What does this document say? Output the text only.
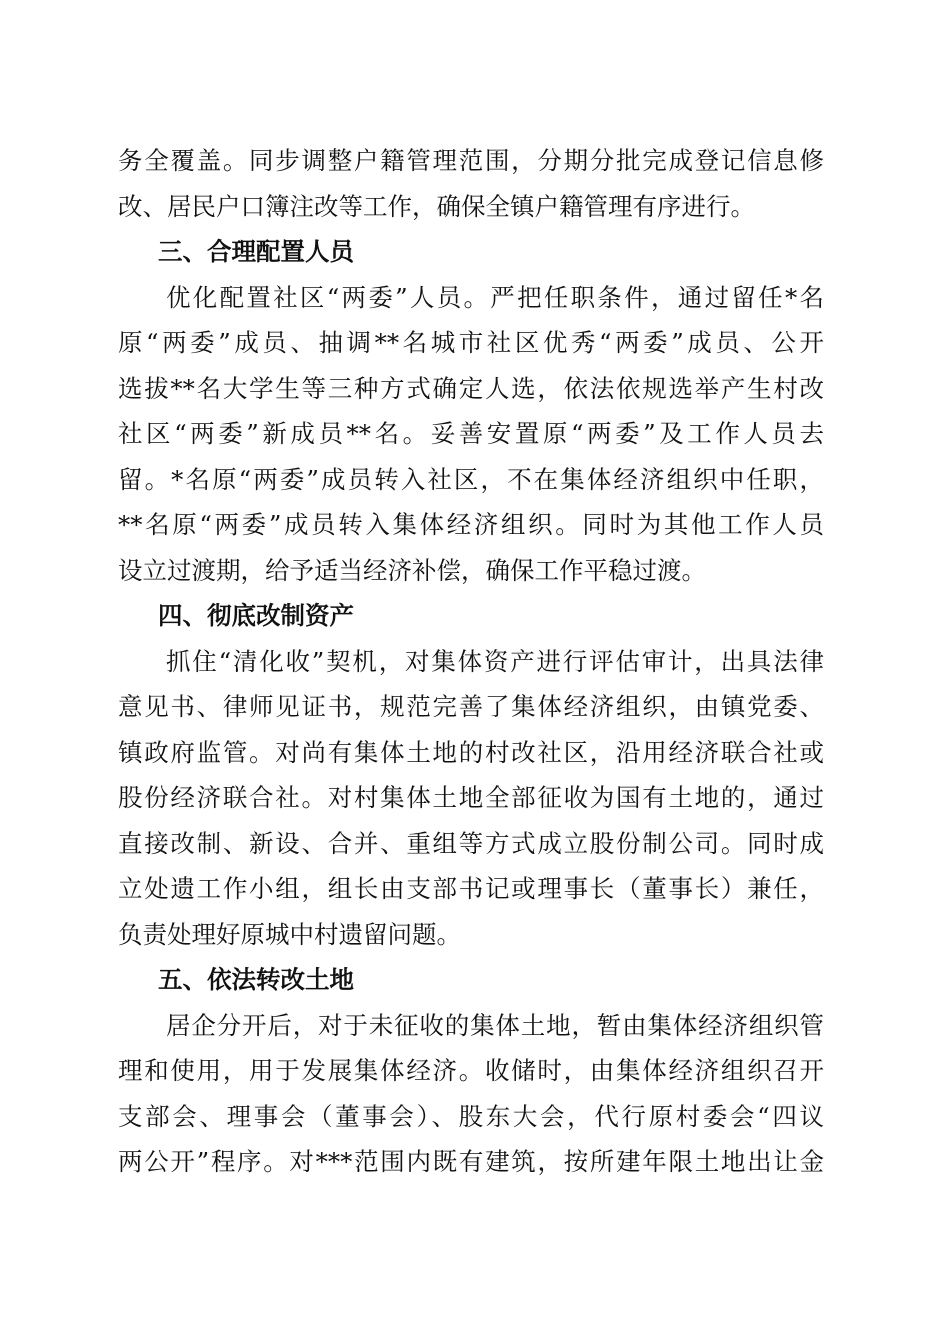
务全覆盖。同步调整户籍管理范围，分期分批完成登记信息修
改、居民户口簿注改等工作，确保全镇户籍管理有序进行。
三、合理配置人员
优化配置社区“两委”人员。严把任职条件，通过留任*名
原“两委”成员、抽调**名城市社区优秀“两委”成员、公开
选拔**名大学生等三种方式确定人选，依法依规选举产生村改
社区“两委”新成员**名。妥善安置原“两委”及工作人员去
留。*名原“两委”成员转入社区，不在集体经济组织中任职，
**名原“两委”成员转入集体经济组织。同时为其他工作人员
设立过渡期，给予适当经济补偿，确保工作平稳过渡。
四、彻底改制资产
抓住“清化收”契机，对集体资产进行评估审计，出具法律
意见书、律师见证书，规范完善了集体经济组织，由镇党委、
镇政府监管。对尚有集体土地的村改社区，沿用经济联合社或
股份经济联合社。对村集体土地全部征收为国有土地的，通过
直接改制、新设、合并、重组等方式成立股份制公司。同时成
立处遗工作小组，组长由支部书记或理事长（董事长）兼任，
负责处理好原城中村遗留问题。
五、依法转改土地
居企分开后，对于未征收的集体土地，暂由集体经济组织管
理和使用，用于发展集体经济。收储时，由集体经济组织召开
支部会、理事会（董事会）、股东大会，代行原村委会“四议
两公开”程序。对***范围内既有建筑，按所建年限土地出让金
